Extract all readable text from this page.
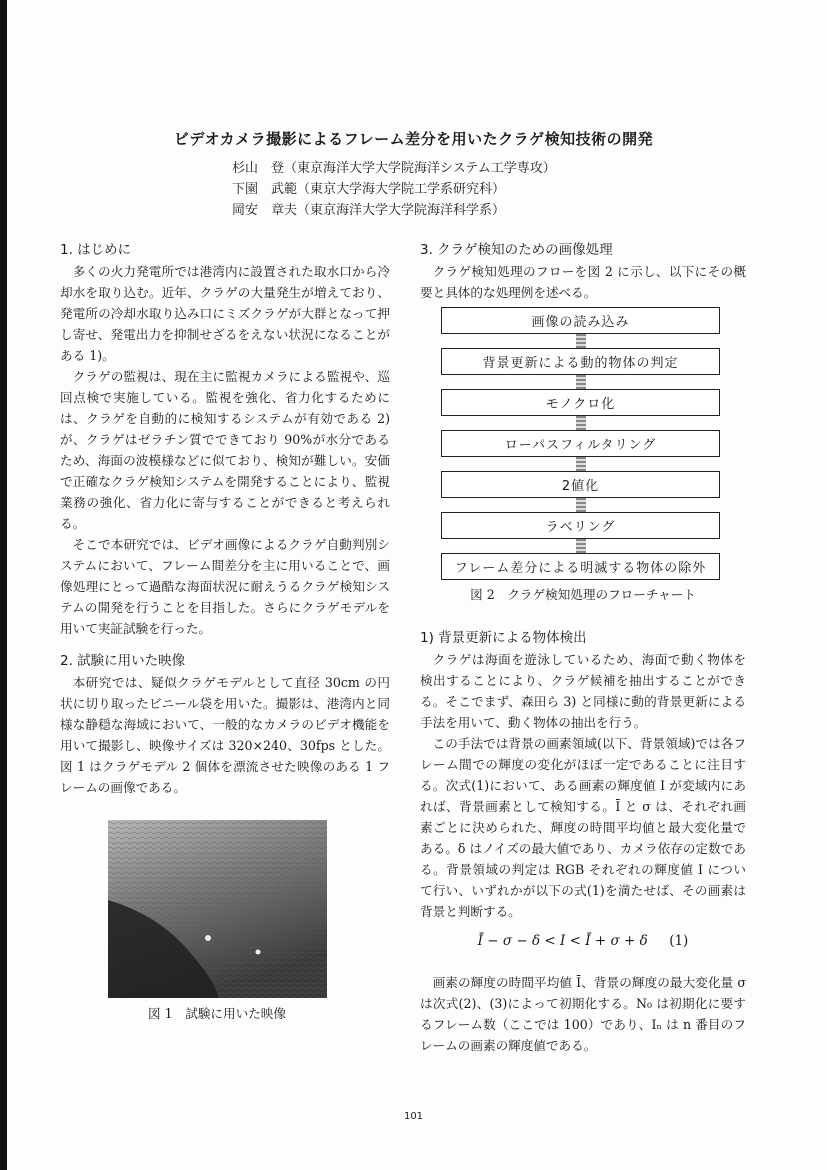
ビデオカメラ撮影によるフレーム差分を用いたクラゲ検知技術の開発
杉山　登（東京海洋大学大学院海洋システム工学専攻）
下園　武範（東京大学海大学院工学系研究科）
岡安　章夫（東京海洋大学大学院海洋科学系）

1. はじめに

多くの火力発電所では港湾内に設置された取水口から冷却水を取り込む。近年、クラゲの大量発生が増えており、発電所の冷却水取り込み口にミズクラゲが大群となって押し寄せ、発電出力を抑制せざるをえない状況になることがある 1)。

クラゲの監視は、現在主に監視カメラによる監視や、巡回点検で実施している。監視を強化、省力化するためには、クラゲを自動的に検知するシステムが有効である 2)が、クラゲはゼラチン質でできており 90%が水分であるため、海面の波模様などに似ており、検知が難しい。安価で正確なクラゲ検知システムを開発することにより、監視業務の強化、省力化に寄与することができると考えられる。

そこで本研究では、ビデオ画像によるクラゲ自動判別システムにおいて、フレーム間差分を主に用いることで、画像処理にとって過酷な海面状況に耐えうるクラゲ検知システムの開発を行うことを目指した。さらにクラゲモデルを用いて実証試験を行った。

2. 試験に用いた映像

本研究では、疑似クラゲモデルとして直径 30cm の円状に切り取ったビニール袋を用いた。撮影は、港湾内と同様な静穏な海域において、一般的なカメラのビデオ機能を用いて撮影し、映像サイズは 320×240、30fps とした。図 1 はクラゲモデル 2 個体を漂流させた映像のある 1 フレームの画像である。

図 1　試験に用いた映像

3. クラゲ検知のための画像処理

クラゲ検知処理のフローを図 2 に示し、以下にその概要と具体的な処理例を述べる。

画像の読み込み
背景更新による動的物体の判定
モノクロ化
ローパスフィルタリング
2値化
ラベリング
フレーム差分による明滅する物体の除外
図 2　クラゲ検知処理のフローチャート

1) 背景更新による物体検出

クラゲは海面を遊泳しているため、海面で動く物体を検出することにより、クラゲ候補を抽出することができる。そこでまず、森田ら 3) と同様に動的背景更新による手法を用いて、動く物体の抽出を行う。

この手法では背景の画素領域(以下、背景領域)では各フレーム間での輝度の変化がほぼ一定であることに注目する。次式(1)において、ある画素の輝度値 I が変域内にあれば、背景画素として検知する。Ī と σ は、それぞれ画素ごとに決められた、輝度の時間平均値と最大変化量である。δ はノイズの最大値であり、カメラ依存の定数である。背景領域の判定は RGB それぞれの輝度値 I について行い、いずれかが以下の式(1)を満たせば、その画素は背景と判断する。

Ī − σ − δ < I < Ī + σ + δ (1)

画素の輝度の時間平均値 Ī、背景の輝度の最大変化量 σ は次式(2)、(3)によって初期化する。N₀ は初期化に要するフレーム数（ここでは 100）であり、Iₙ は n 番目のフレームの画素の輝度値である。

101
